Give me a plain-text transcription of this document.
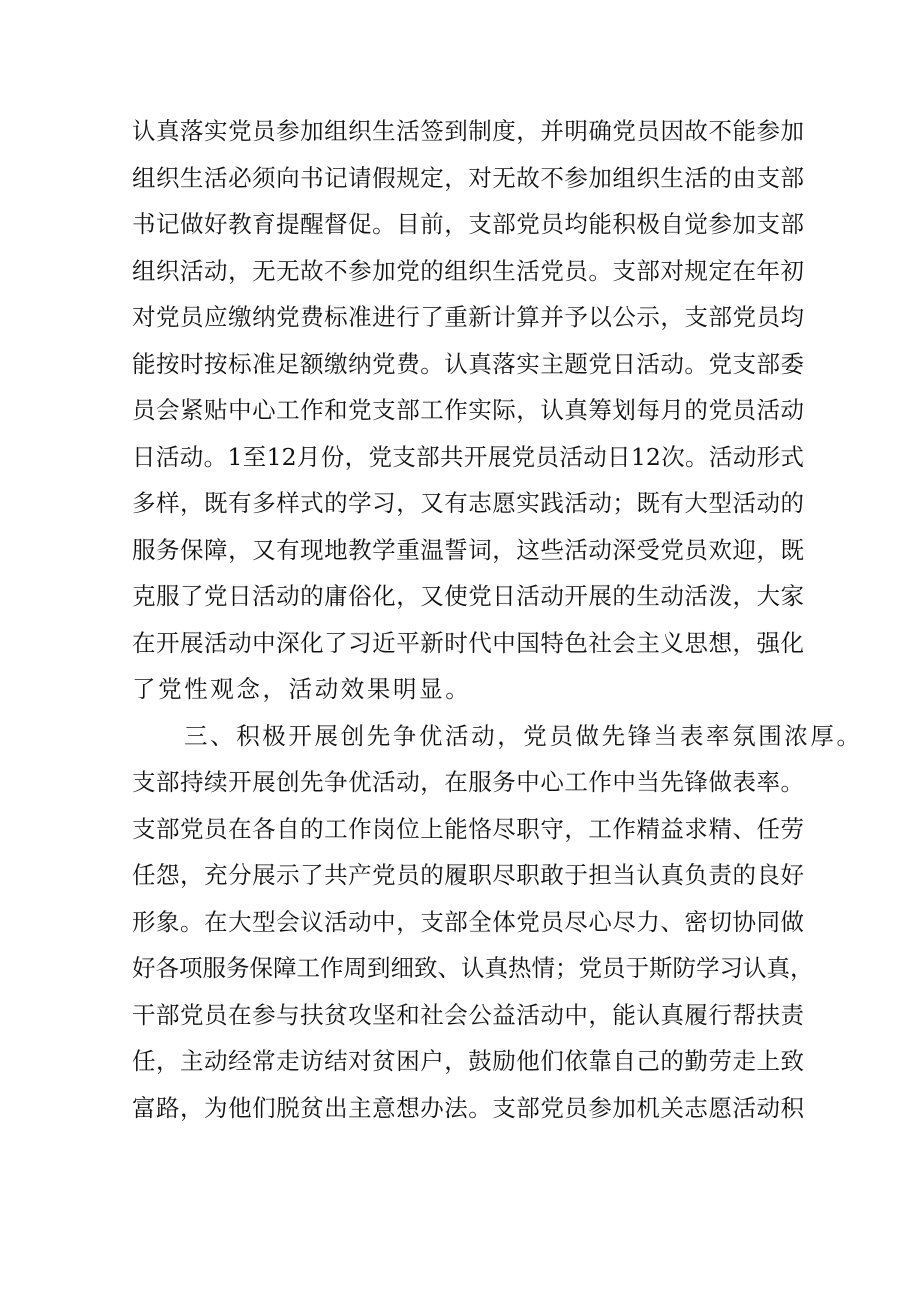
认真落实党员参加组织生活签到制度，并明确党员因故不能参加
组织生活必须向书记请假规定，对无故不参加组织生活的由支部
书记做好教育提醒督促。目前，支部党员均能积极自觉参加支部
组织活动，无无故不参加党的组织生活党员。支部对规定在年初
对党员应缴纳党费标准进行了重新计算并予以公示，支部党员均
能按时按标准足额缴纳党费。认真落实主题党日活动。党支部委
员会紧贴中心工作和党支部工作实际，认真筹划每月的党员活动
日活动。1至12月份，党支部共开展党员活动日12次。活动形式
多样，既有多样式的学习，又有志愿实践活动；既有大型活动的
服务保障，又有现地教学重温誓词，这些活动深受党员欢迎，既
克服了党日活动的庸俗化，又使党日活动开展的生动活泼，大家
在开展活动中深化了习近平新时代中国特色社会主义思想，强化
了党性观念，活动效果明显。
三、积极开展创先争优活动，党员做先锋当表率氛围浓厚。
支部持续开展创先争优活动，在服务中心工作中当先锋做表率。
支部党员在各自的工作岗位上能恪尽职守，工作精益求精、任劳
任怨，充分展示了共产党员的履职尽职敢于担当认真负责的良好
形象。在大型会议活动中，支部全体党员尽心尽力、密切协同做
好各项服务保障工作周到细致、认真热情；党员于斯防学习认真，
干部党员在参与扶贫攻坚和社会公益活动中，能认真履行帮扶责
任，主动经常走访结对贫困户，鼓励他们依靠自己的勤劳走上致
富路，为他们脱贫出主意想办法。支部党员参加机关志愿活动积
